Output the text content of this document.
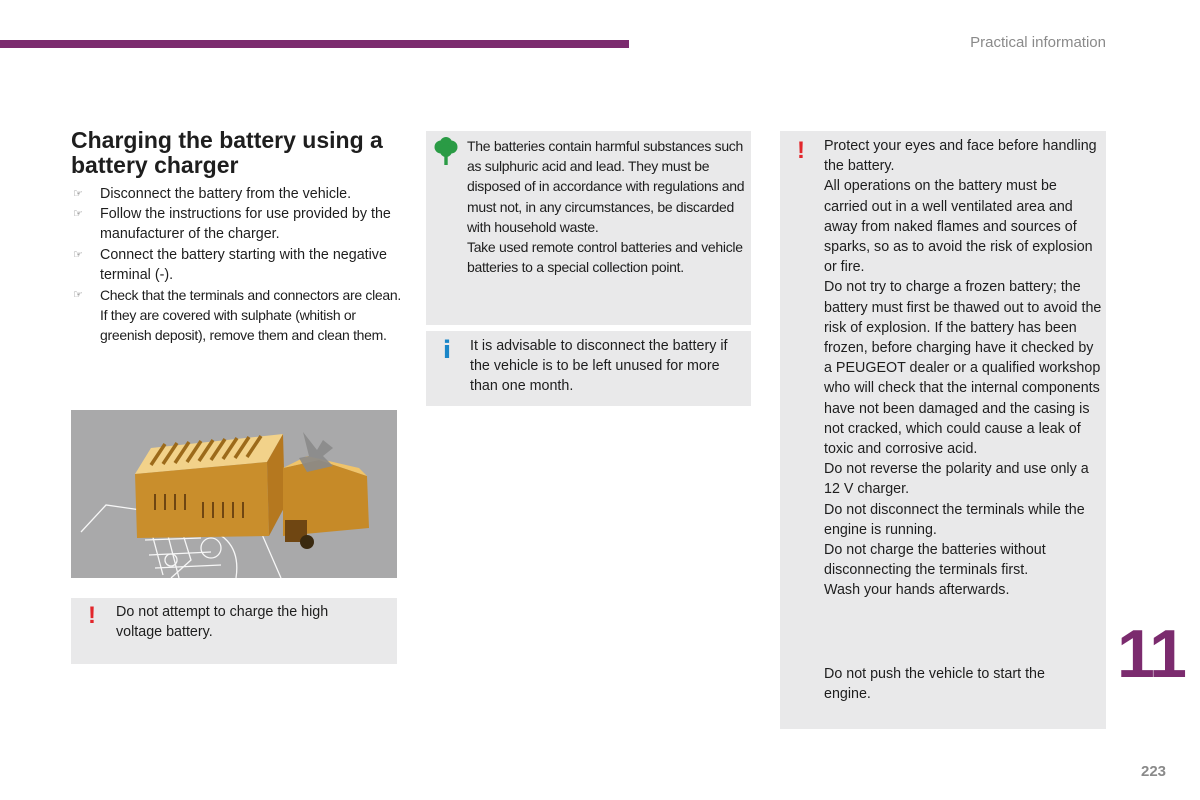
Practical information
Charging the battery using a battery charger
☞ Disconnect the battery from the vehicle.
☞ Follow the instructions for use provided by the manufacturer of the charger.
☞ Connect the battery starting with the negative terminal (-).
☞ Check that the terminals and connectors are clean. If they are covered with sulphate (whitish or greenish deposit), remove them and clean them.
! Do not attempt to charge the high voltage battery.
The batteries contain harmful substances such as sulphuric acid and lead. They must be disposed of in accordance with regulations and must not, in any circumstances, be discarded with household waste.
Take used remote control batteries and vehicle batteries to a special collection point.
i It is advisable to disconnect the battery if the vehicle is to be left unused for more than one month.
! Protect your eyes and face before handling the battery.
All operations on the battery must be carried out in a well ventilated area and away from naked flames and sources of sparks, so as to avoid the risk of explosion or fire.
Do not try to charge a frozen battery; the battery must first be thawed out to avoid the risk of explosion. If the battery has been frozen, before charging have it checked by a PEUGEOT dealer or a qualified workshop who will check that the internal components have not been damaged and the casing is not cracked, which could cause a leak of toxic and corrosive acid.
Do not reverse the polarity and use only a 12 V charger.
Do not disconnect the terminals while the engine is running.
Do not charge the batteries without disconnecting the terminals first.
Wash your hands afterwards.
Do not push the vehicle to start the engine.
11
223
